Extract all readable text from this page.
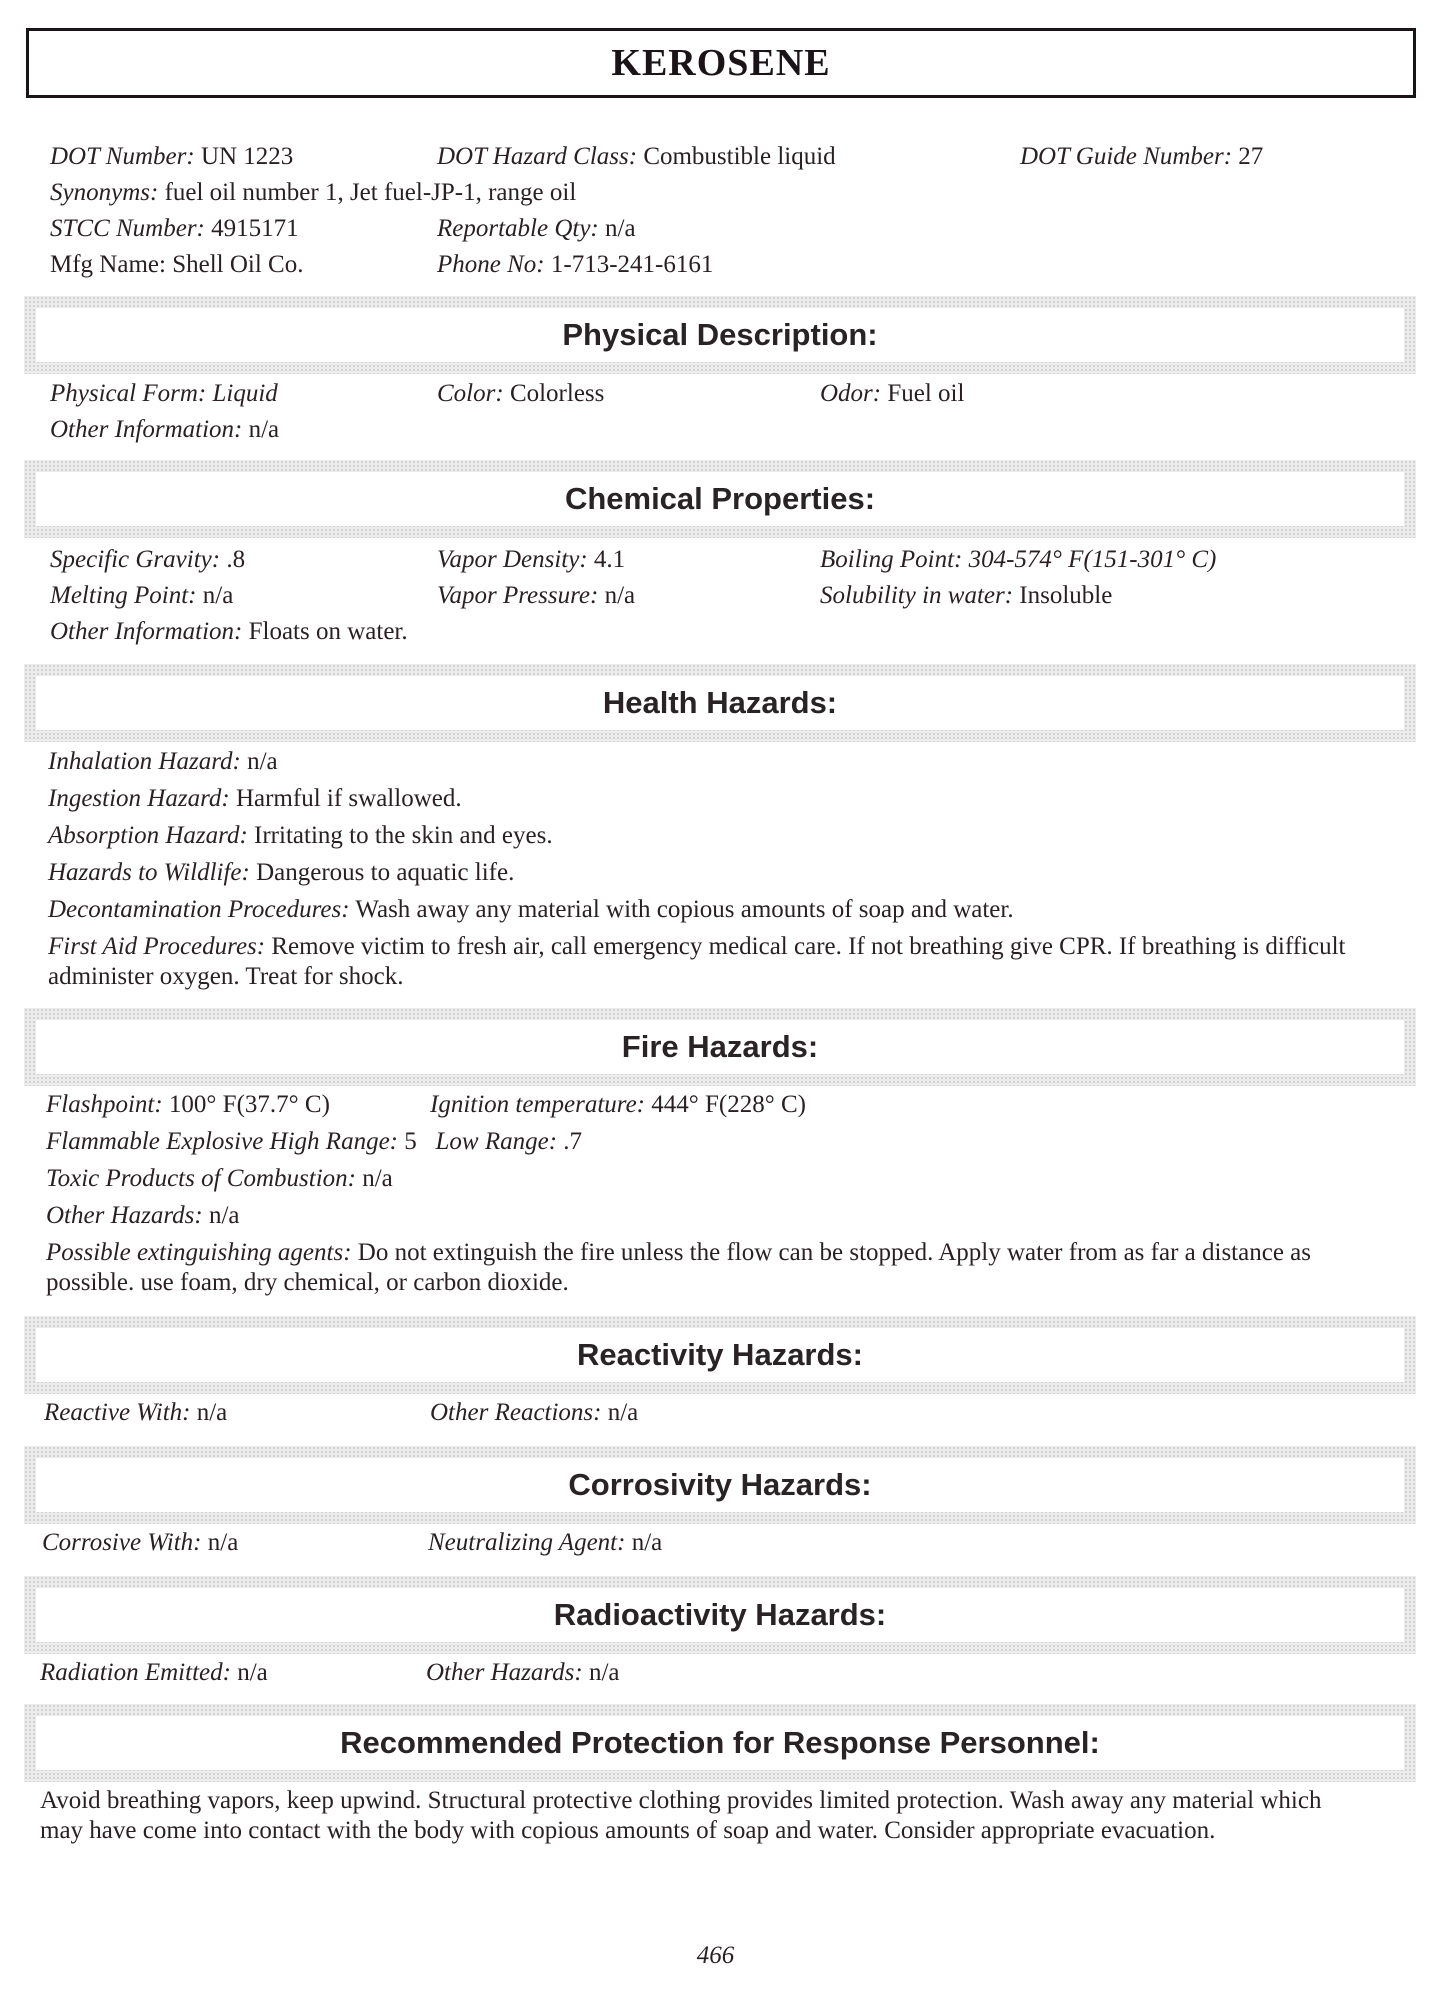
KEROSENE
DOT Number: UN 1223	DOT Hazard Class: Combustible liquid	DOT Guide Number: 27
Synonyms: fuel oil number 1, Jet fuel-JP-1, range oil
STCC Number: 4915171	Reportable Qty: n/a
Mfg Name: Shell Oil Co.	Phone No: 1-713-241-6161
Physical Description:
Physical Form: Liquid	Color: Colorless	Odor: Fuel oil
Other Information: n/a
Chemical Properties:
Specific Gravity: .8	Vapor Density: 4.1	Boiling Point: 304-574° F(151-301° C)
Melting Point: n/a	Vapor Pressure: n/a	Solubility in water: Insoluble
Other Information: Floats on water.
Health Hazards:
Inhalation Hazard: n/a
Ingestion Hazard: Harmful if swallowed.
Absorption Hazard: Irritating to the skin and eyes.
Hazards to Wildlife: Dangerous to aquatic life.
Decontamination Procedures: Wash away any material with copious amounts of soap and water.
First Aid Procedures: Remove victim to fresh air, call emergency medical care. If not breathing give CPR. If breathing is difficult administer oxygen. Treat for shock.
Fire Hazards:
Flashpoint: 100° F(37.7° C)	Ignition temperature: 444° F(228° C)
Flammable Explosive High Range: 5 Low Range: .7
Toxic Products of Combustion: n/a
Other Hazards: n/a
Possible extinguishing agents: Do not extinguish the fire unless the flow can be stopped. Apply water from as far a distance as possible. use foam, dry chemical, or carbon dioxide.
Reactivity Hazards:
Reactive With: n/a	Other Reactions: n/a
Corrosivity Hazards:
Corrosive With: n/a	Neutralizing Agent: n/a
Radioactivity Hazards:
Radiation Emitted: n/a	Other Hazards: n/a
Recommended Protection for Response Personnel:
Avoid breathing vapors, keep upwind. Structural protective clothing provides limited protection. Wash away any material which may have come into contact with the body with copious amounts of soap and water. Consider appropriate evacuation.
466
